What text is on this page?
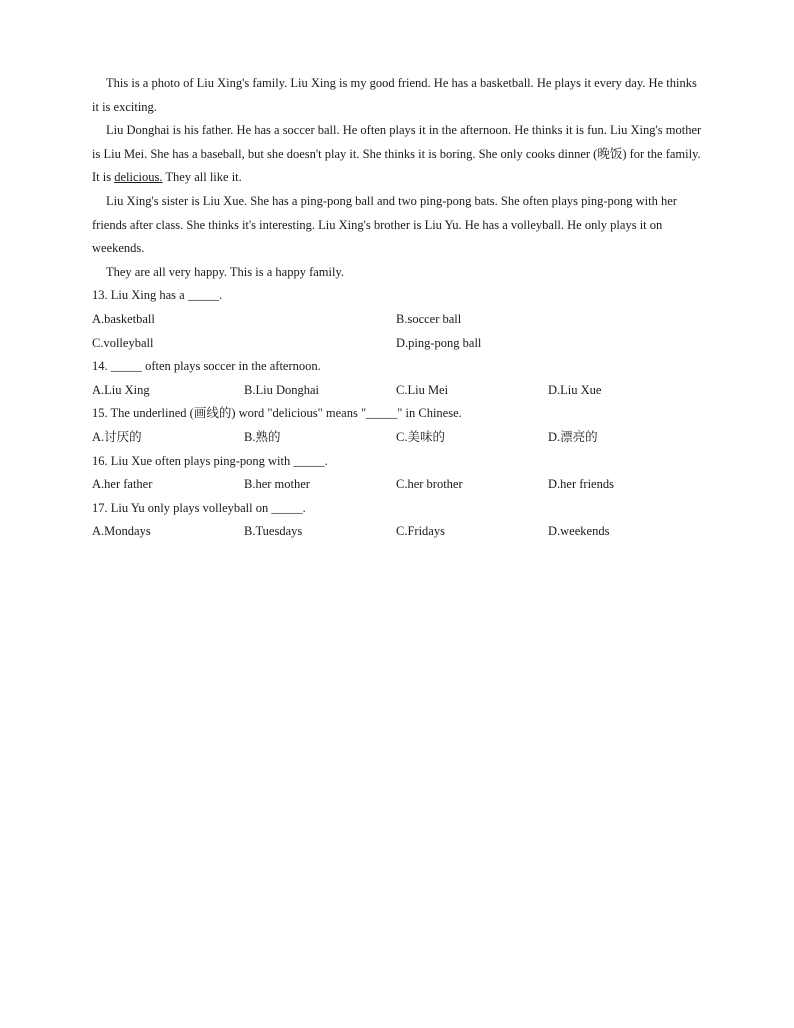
This is a photo of Liu Xing's family. Liu Xing is my good friend. He has a basketball. He plays it every day. He thinks it is exciting.

Liu Donghai is his father. He has a soccer ball. He often plays it in the afternoon. He thinks it is fun. Liu Xing's mother is Liu Mei. She has a baseball, but she doesn't play it. She thinks it is boring. She only cooks dinner (晚饭) for the family. It is delicious. They all like it.

Liu Xing's sister is Liu Xue. She has a ping-pong ball and two ping-pong bats. She often plays ping-pong with her friends after class. She thinks it's interesting. Liu Xing's brother is Liu Yu. He has a volleyball. He only plays it on weekends.

They are all very happy. This is a happy family.

13. Liu Xing has a _____.

A.basketball	B.soccer ball
C.volleyball	D.ping-pong ball

14. _____ often plays soccer in the afternoon.

A.Liu Xing	B.Liu Donghai	C.Liu Mei	D.Liu Xue

15. The underlined (画线的) word "delicious" means "_____" in Chinese.

A.讨厌的	B.熟的	C.美味的	D.漂亮的

16. Liu Xue often plays ping-pong with _____.

A.her father	B.her mother	C.her brother	D.her friends

17. Liu Yu only plays volleyball on _____.

A.Mondays	B.Tuesdays	C.Fridays	D.weekends
